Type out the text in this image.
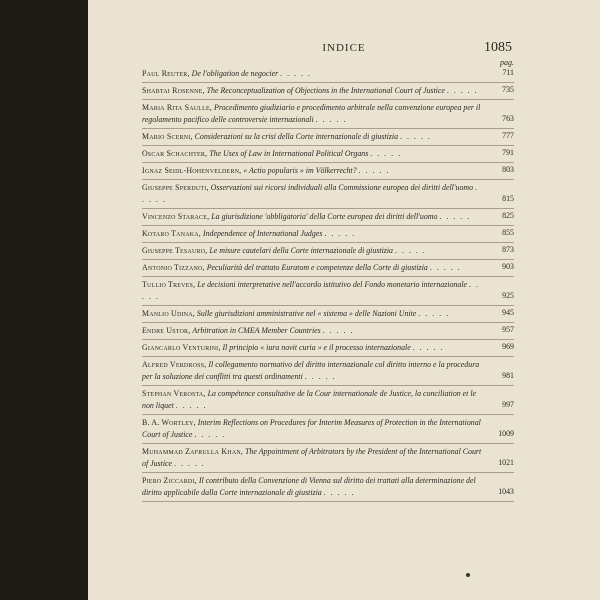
INDICE	1085
pag.
Paul Reuter, De l'obligation de negocier . . . . .	711
Shabtai Rosenne, The Reconceptualization of Objections in the International Court of Justice . . . . .	735
Maria Rita Saulle, Procedimento giudiziario e procedimento arbitrale nella convenzione europea per il regolamento pacifico delle controversie internazionali . . . . .	763
Mario Scerni, Considerazioni su la crisi della Corte internazionale di giustizia . . . . .	777
Oscar Schachter, The Uses of Law in International Political Organs . . . . .	791
Ignaz Seidl-Hohenveldern, « Actio popularis » im Völkerrecht? . . . . .	803
Giuseppe Sperduti, Osservazioni sui ricorsi individuali alla Commissione europea dei diritti dell'uomo . . . . .	815
Vincenzo Starace, La giurisdizione 'obbligatoria' della Corte europea dei diritti dell'uomo . . . . .	825
Kotaro Tanaka, Independence of International Judges . . . . .	855
Giuseppe Tesauro, Le misure cautelari della Corte internazionale di giustizia . . . . .	873
Antonio Tizzano, Peculiarità del trattato Euratom e competenze della Corte di giustizia . . . . .	903
Tullio Treves, Le decisioni interpretative nell'accordo istitutivo del Fondo monetario internazionale . . . . .	925
Manlio Udina, Sulle giurisdizioni amministrative nel « sistema » delle Nazioni Unite . . . . .	945
Endre Ustor, Arbitration in CMEA Member Countries . . . . .	957
Giancarlo Venturini, Il principio « iura novit curia » e il processo internazionale . . . . .	969
Alfred Verdross, Il collegamento normativo del diritto internazionale col diritto interno e la procedura per la soluzione dei conflitti tra questi ordinamenti . . . . .	981
Stephan Verosta, La compétence consultative de la Cour internationale de Justice, la conciliation et le non liquet . . . . .	997
B. A. Wortley, Interim Reflections on Procedures for Interim Measures of Protection in the International Court of Justice . . . . .	1009
Muhammad Zafrulla Khan, The Appointment of Arbitrators by the President of the International Court of Justice . . . . .	1021
Piero Ziccardi, Il contributo della Convenzione di Vienna sul diritto dei trattati alla determinazione del diritto applicabile dalla Corte internazionale di giustizia . . . . .	1043
